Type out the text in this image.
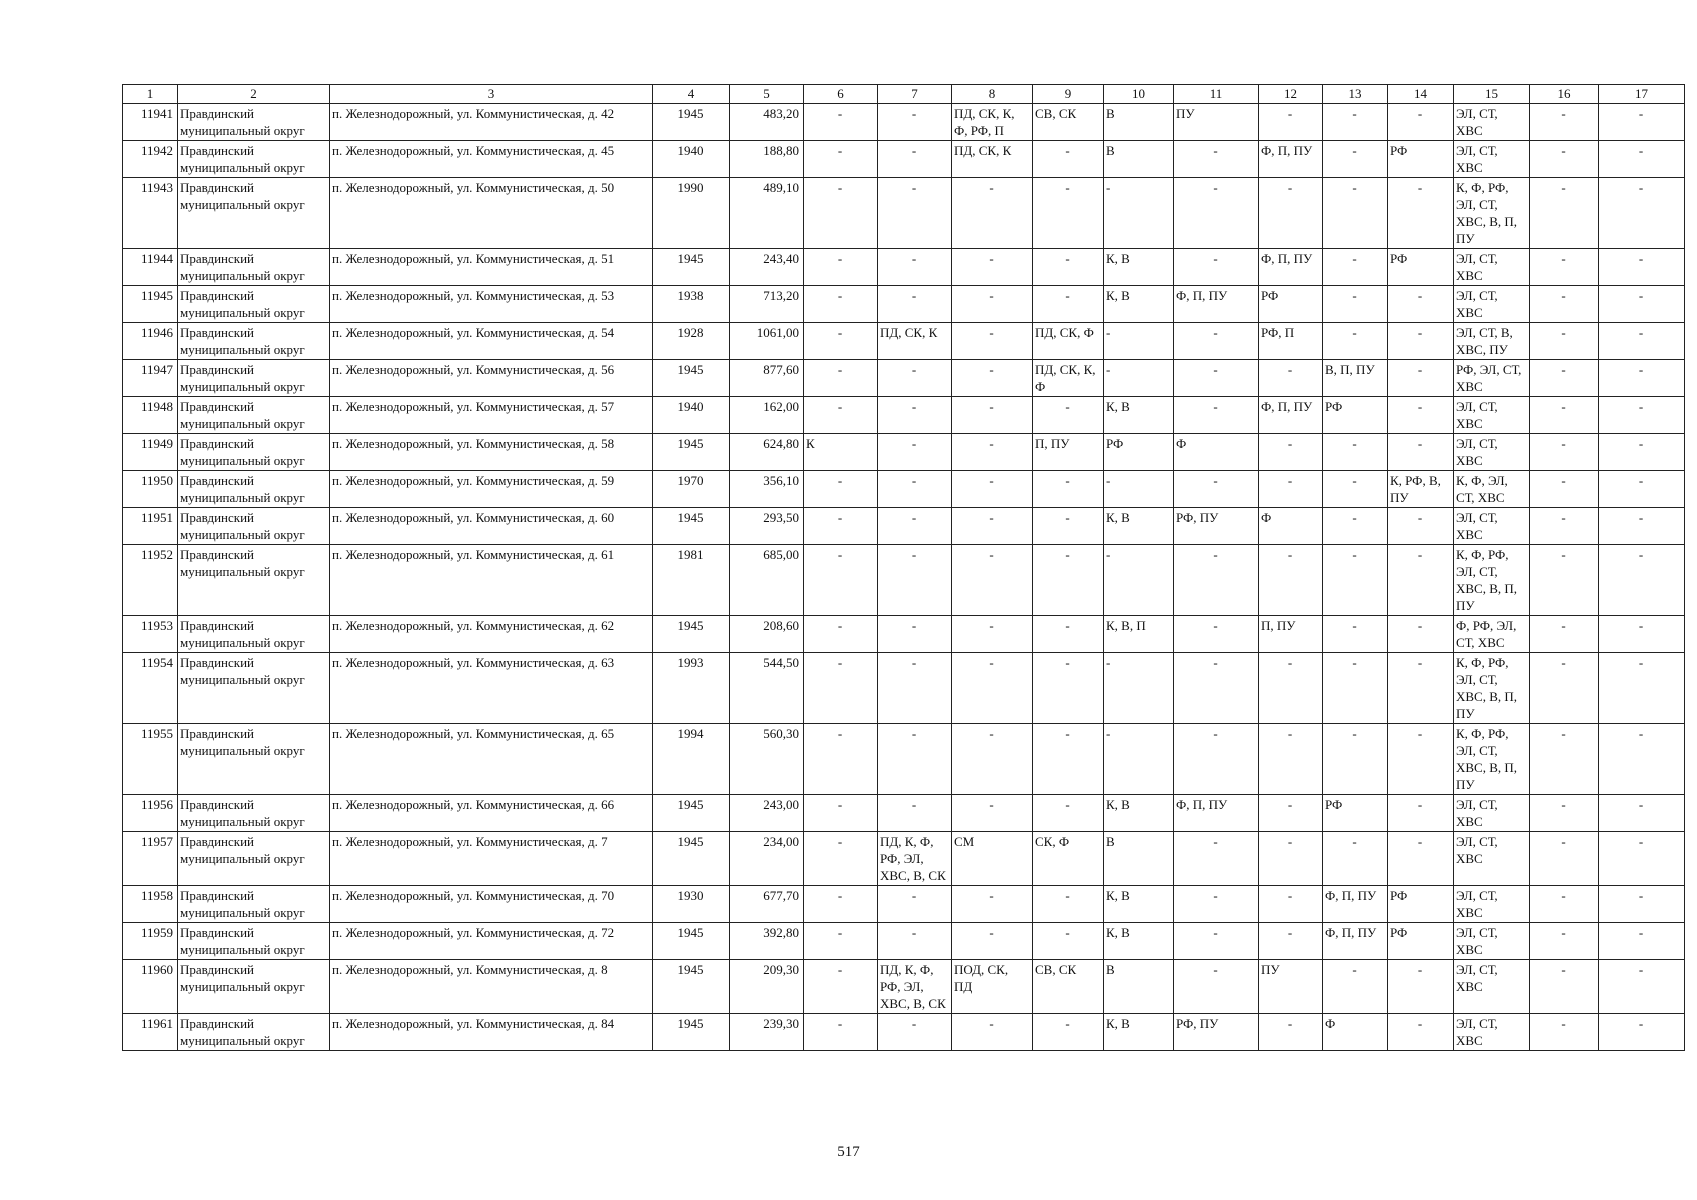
1	2	3	4	5	6	7	8	9	10	11	12	13	14	15	16	17
11941	Правдинский муниципальный округ	п. Железнодорожный, ул. Коммунистическая, д. 42	1945	483,20	-	-	ПД, СК, К, Ф, РФ, П	СВ, СК	В	ПУ	-	-	-	ЭЛ, СТ, ХВС	-	-
11942	Правдинский муниципальный округ	п. Железнодорожный, ул. Коммунистическая, д. 45	1940	188,80	-	-	ПД, СК, К	-	В	-	Ф, П, ПУ	-	РФ	ЭЛ, СТ, ХВС	-	-
11943	Правдинский муниципальный округ	п. Железнодорожный, ул. Коммунистическая, д. 50	1990	489,10	-	-	-	-	-	-	-	-	-	К, Ф, РФ, ЭЛ, СТ, ХВС, В, П, ПУ	-	-
11944	Правдинский муниципальный округ	п. Железнодорожный, ул. Коммунистическая, д. 51	1945	243,40	-	-	-	-	К, В	-	Ф, П, ПУ	-	РФ	ЭЛ, СТ, ХВС	-	-
11945	Правдинский муниципальный округ	п. Железнодорожный, ул. Коммунистическая, д. 53	1938	713,20	-	-	-	-	К, В	Ф, П, ПУ	РФ	-	-	ЭЛ, СТ, ХВС	-	-
11946	Правдинский муниципальный округ	п. Железнодорожный, ул. Коммунистическая, д. 54	1928	1061,00	-	ПД, СК, К	-	ПД, СК, Ф	-	-	РФ, П	-	-	ЭЛ, СТ, В, ХВС, ПУ	-	-
11947	Правдинский муниципальный округ	п. Железнодорожный, ул. Коммунистическая, д. 56	1945	877,60	-	-	-	ПД, СК, К, Ф	-	-	-	В, П, ПУ	-	РФ, ЭЛ, СТ, ХВС	-	-
11948	Правдинский муниципальный округ	п. Железнодорожный, ул. Коммунистическая, д. 57	1940	162,00	-	-	-	-	К, В	-	Ф, П, ПУ	РФ	-	ЭЛ, СТ, ХВС	-	-
11949	Правдинский муниципальный округ	п. Железнодорожный, ул. Коммунистическая, д. 58	1945	624,80	К	-	-	П, ПУ	РФ	Ф	-	-	-	ЭЛ, СТ, ХВС	-	-
11950	Правдинский муниципальный округ	п. Железнодорожный, ул. Коммунистическая, д. 59	1970	356,10	-	-	-	-	-	-	-	-	К, РФ, В, ПУ	К, Ф, ЭЛ, СТ, ХВС	-	-
11951	Правдинский муниципальный округ	п. Железнодорожный, ул. Коммунистическая, д. 60	1945	293,50	-	-	-	-	К, В	РФ, ПУ	Ф	-	-	ЭЛ, СТ, ХВС	-	-
11952	Правдинский муниципальный округ	п. Железнодорожный, ул. Коммунистическая, д. 61	1981	685,00	-	-	-	-	-	-	-	-	-	К, Ф, РФ, ЭЛ, СТ, ХВС, В, П, ПУ	-	-
11953	Правдинский муниципальный округ	п. Железнодорожный, ул. Коммунистическая, д. 62	1945	208,60	-	-	-	-	К, В, П	-	П, ПУ	-	-	Ф, РФ, ЭЛ, СТ, ХВС	-	-
11954	Правдинский муниципальный округ	п. Железнодорожный, ул. Коммунистическая, д. 63	1993	544,50	-	-	-	-	-	-	-	-	-	К, Ф, РФ, ЭЛ, СТ, ХВС, В, П, ПУ	-	-
11955	Правдинский муниципальный округ	п. Железнодорожный, ул. Коммунистическая, д. 65	1994	560,30	-	-	-	-	-	-	-	-	-	К, Ф, РФ, ЭЛ, СТ, ХВС, В, П, ПУ	-	-
11956	Правдинский муниципальный округ	п. Железнодорожный, ул. Коммунистическая, д. 66	1945	243,00	-	-	-	-	К, В	Ф, П, ПУ	-	РФ	-	ЭЛ, СТ, ХВС	-	-
11957	Правдинский муниципальный округ	п. Железнодорожный, ул. Коммунистическая, д. 7	1945	234,00	-	ПД, К, Ф, РФ, ЭЛ, ХВС, В, СК	СМ	СК, Ф	В	-	-	-	-	ЭЛ, СТ, ХВС	-	-
11958	Правдинский муниципальный округ	п. Железнодорожный, ул. Коммунистическая, д. 70	1930	677,70	-	-	-	-	К, В	-	-	Ф, П, ПУ	РФ	ЭЛ, СТ, ХВС	-	-
11959	Правдинский муниципальный округ	п. Железнодорожный, ул. Коммунистическая, д. 72	1945	392,80	-	-	-	-	К, В	-	-	Ф, П, ПУ	РФ	ЭЛ, СТ, ХВС	-	-
11960	Правдинский муниципальный округ	п. Железнодорожный, ул. Коммунистическая, д. 8	1945	209,30	-	ПД, К, Ф, РФ, ЭЛ, ХВС, В, СК	ПОД, СК, ПД	СВ, СК	В	-	ПУ	-	-	ЭЛ, СТ, ХВС	-	-
11961	Правдинский муниципальный округ	п. Железнодорожный, ул. Коммунистическая, д. 84	1945	239,30	-	-	-	-	К, В	РФ, ПУ	-	Ф	-	ЭЛ, СТ, ХВС	-	-
517
